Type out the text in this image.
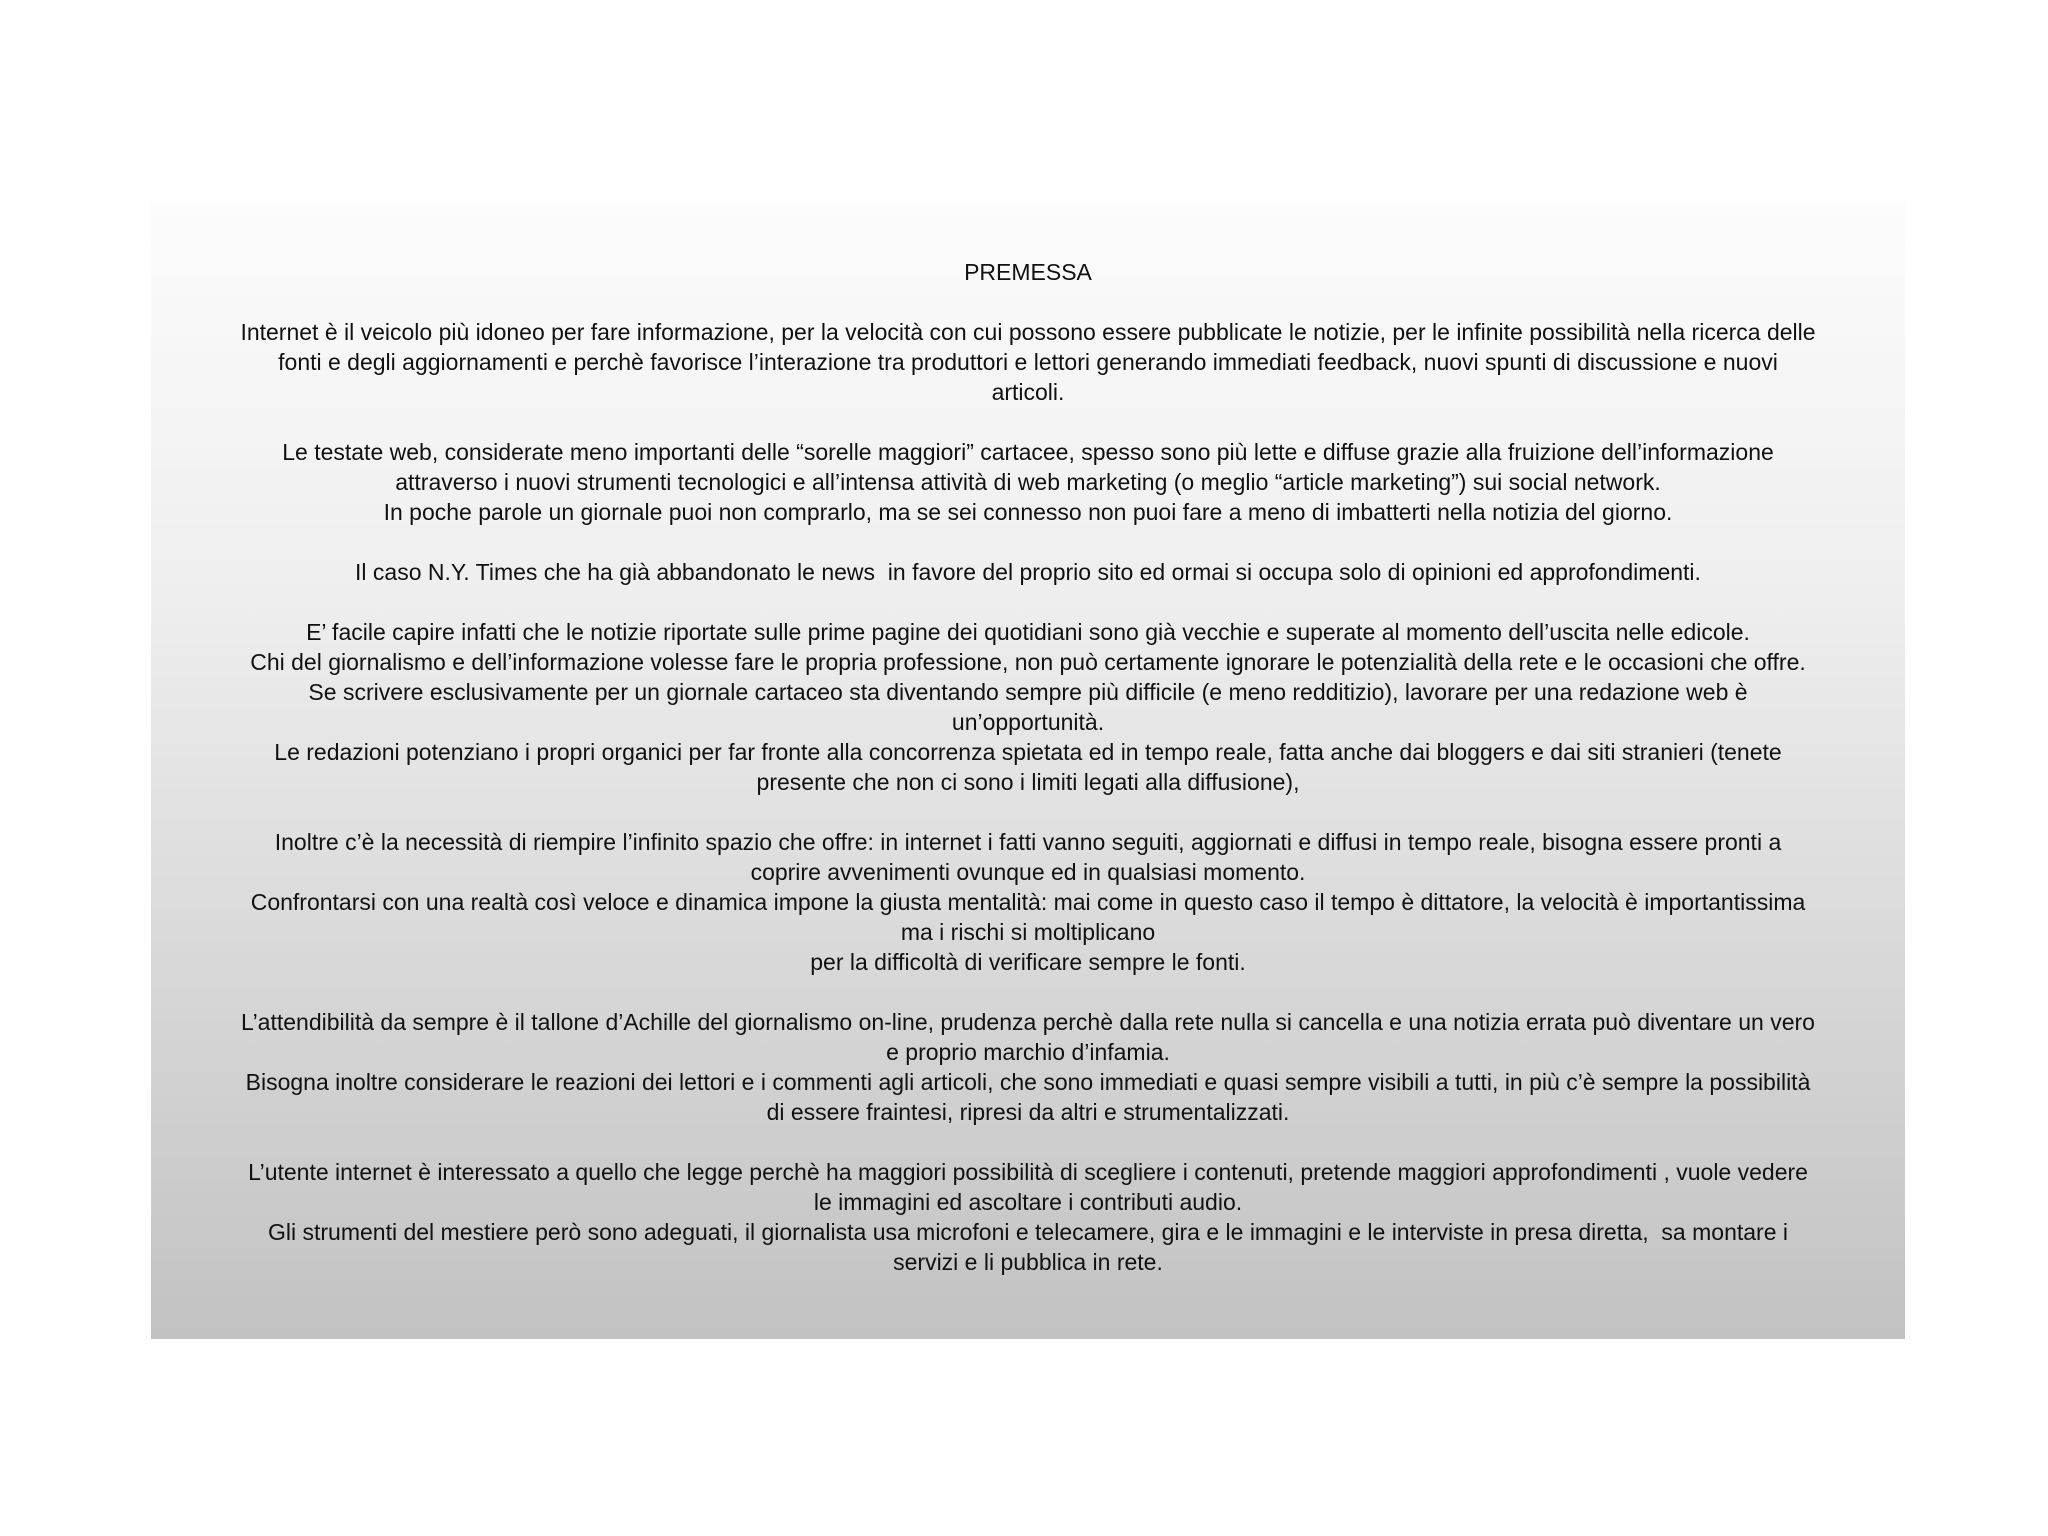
PREMESSA

Internet è il veicolo più idoneo per fare informazione, per la velocità con cui possono essere pubblicate le notizie, per le infinite possibilità nella ricerca delle
fonti e degli aggiornamenti e perchè favorisce l’interazione tra produttori e lettori generando immediati feedback, nuovi spunti di discussione e nuovi
articoli.

Le testate web, considerate meno importanti delle “sorelle maggiori” cartacee, spesso sono più lette e diffuse grazie alla fruizione dell’informazione
attraverso i nuovi strumenti tecnologici e all’intensa attività di web marketing (o meglio “article marketing”) sui social network.

In poche parole un giornale puoi non comprarlo, ma se sei connesso non puoi fare a meno di imbatterti nella notizia del giorno.

Il caso N.Y. Times che ha già abbandonato le news  in favore del proprio sito ed ormai si occupa solo di opinioni ed approfondimenti.

E’ facile capire infatti che le notizie riportate sulle prime pagine dei quotidiani sono già vecchie e superate al momento dell’uscita nelle edicole.

Chi del giornalismo e dell’informazione volesse fare le propria professione, non può certamente ignorare le potenzialità della rete e le occasioni che offre.

Se scrivere esclusivamente per un giornale cartaceo sta diventando sempre più difficile (e meno redditizio), lavorare per una redazione web è
un’opportunità.

Le redazioni potenziano i propri organici per far fronte alla concorrenza spietata ed in tempo reale, fatta anche dai bloggers e dai siti stranieri (tenete
presente che non ci sono i limiti legati alla diffusione),

Inoltre c’è la necessità di riempire l’infinito spazio che offre: in internet i fatti vanno seguiti, aggiornati e diffusi in tempo reale, bisogna essere pronti a
coprire avvenimenti ovunque ed in qualsiasi momento.

Confrontarsi con una realtà così veloce e dinamica impone la giusta mentalità: mai come in questo caso il tempo è dittatore, la velocità è importantissima
ma i rischi si moltiplicano

per la difficoltà di verificare sempre le fonti.

L’attendibilità da sempre è il tallone d’Achille del giornalismo on-line, prudenza perchè dalla rete nulla si cancella e una notizia errata può diventare un vero
e proprio marchio d’infamia.

Bisogna inoltre considerare le reazioni dei lettori e i commenti agli articoli, che sono immediati e quasi sempre visibili a tutti, in più c’è sempre la possibilità
di essere fraintesi, ripresi da altri e strumentalizzati.

L’utente internet è interessato a quello che legge perchè ha maggiori possibilità di scegliere i contenuti, pretende maggiori approfondimenti , vuole vedere
le immagini ed ascoltare i contributi audio.

Gli strumenti del mestiere però sono adeguati, il giornalista usa microfoni e telecamere, gira e le immagini e le interviste in presa diretta,  sa montare i
servizi e li pubblica in rete.
